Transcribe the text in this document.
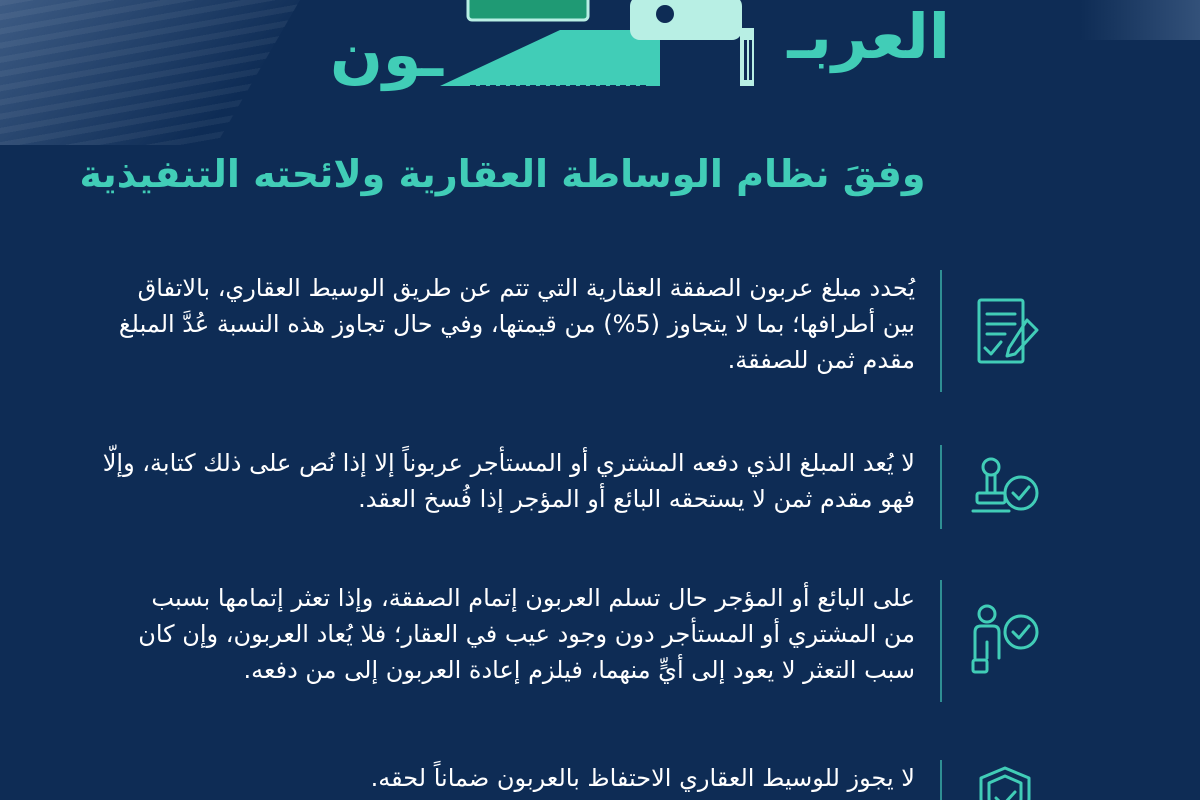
العربـ
ـون
وفقَ نظام الوساطة العقارية ولائحته التنفيذية
يُحدد مبلغ عربون الصفقة العقارية التي تتم عن طريق الوسيط العقاري، بالاتفاق
بين أطرافها؛ بما لا يتجاوز (5%) من قيمتها، وفي حال تجاوز هذه النسبة عُدَّ المبلغ
مقدم ثمن للصفقة.
لا يُعد المبلغ الذي دفعه المشتري أو المستأجر عربوناً إلا إذا نُص على ذلك كتابة، وإلّا
فهو مقدم ثمن لا يستحقه البائع أو المؤجر إذا فُسخ العقد.
على البائع أو المؤجر حال تسلم العربون إتمام الصفقة، وإذا تعثر إتمامها بسبب
من المشتري أو المستأجر دون وجود عيب في العقار؛ فلا يُعاد العربون، وإن كان
سبب التعثر لا يعود إلى أيٍّ منهما، فيلزم إعادة العربون إلى من دفعه.
لا يجوز للوسيط العقاري الاحتفاظ بالعربون ضماناً لحقه.
